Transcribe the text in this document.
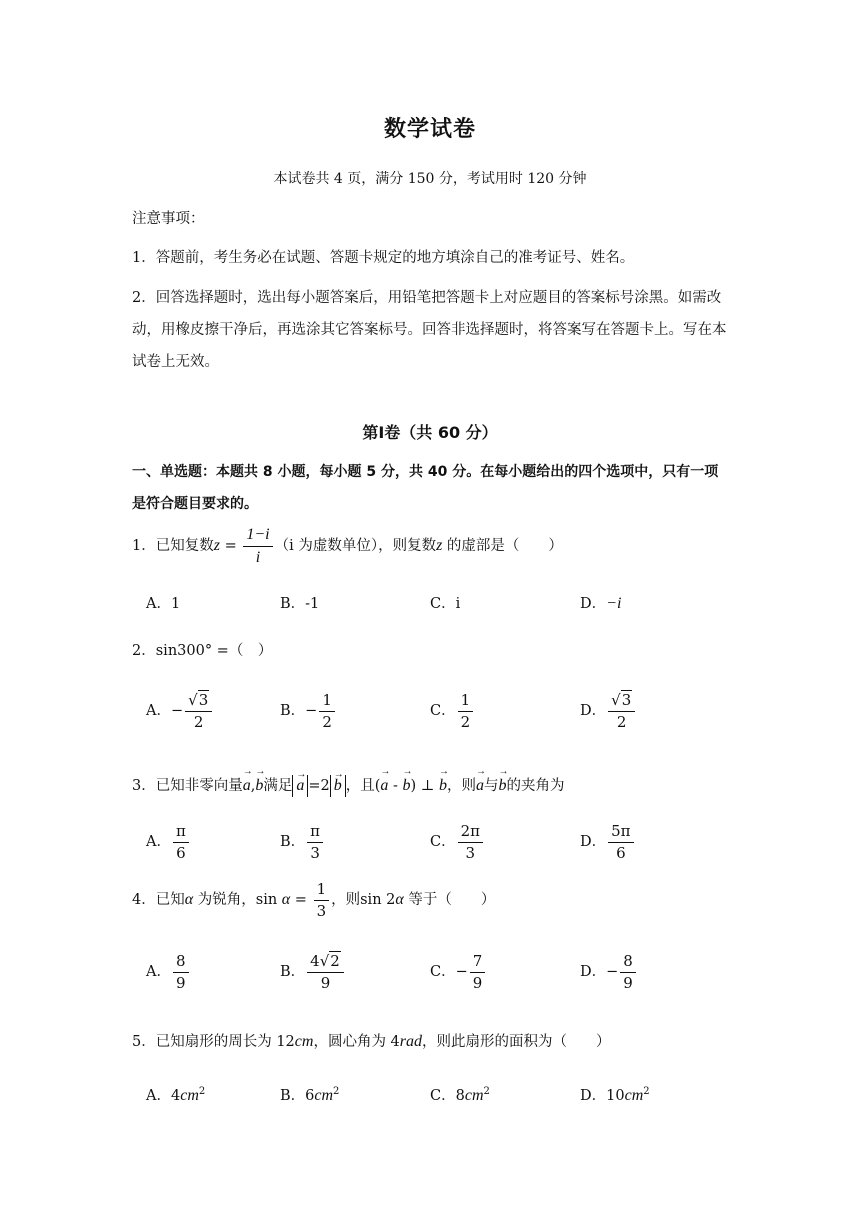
数学试卷
本试卷共 4 页，满分 150 分，考试用时 120 分钟
注意事项：
1．答题前，考生务必在试题、答题卡规定的地方填涂自己的准考证号、姓名。
2．回答选择题时，选出每小题答案后，用铅笔把答题卡上对应题目的答案标号涂黑。如需改动，用橡皮擦干净后，再选涂其它答案标号。回答非选择题时，将答案写在答题卡上。写在本试卷上无效。
第Ⅰ卷（共 60 分）
一、单选题：本题共 8 小题，每小题 5 分，共 40 分。在每小题给出的四个选项中，只有一项是符合题目要求的。
1．已知复数$z = \frac{1-i}{i} (i$ 为虚数单位），则复数z 的虚部是（　　）
A．1	B．-1	C．i	D．−i
2．sin300° =（　）
A．− $\frac{√3}{2}$	B．− $\frac{1}{2}$	C． $\frac{1}{2}$	D． $\frac{√3}{2}$
3．已知非零向量→ a,→ b满足 → a =2 → b ，且(→ a - → b) ⊥ → b，则→ a与→ b的夹角为
A． $\frac{\pi}{6}$	B． $\frac{\pi}{3}$	C． $\frac{2\pi}{3}$	D． $\frac{5\pi}{6}$
4．已知α 为锐角，$\sin \alpha = \frac{1}{3}$ ，则sin 2α 等于（　　）
A． $\frac{8}{9}$	B． $\frac{4√2}{9}$	C．− $\frac{7}{9}$	D．− $\frac{8}{9}$
5．已知扇形的周长为 12cm，圆心角为 4rad，则此扇形的面积为（　　）
A．$4cm^2$	B．$6cm^2$	C．$8cm^2$	D．$10cm^2$
